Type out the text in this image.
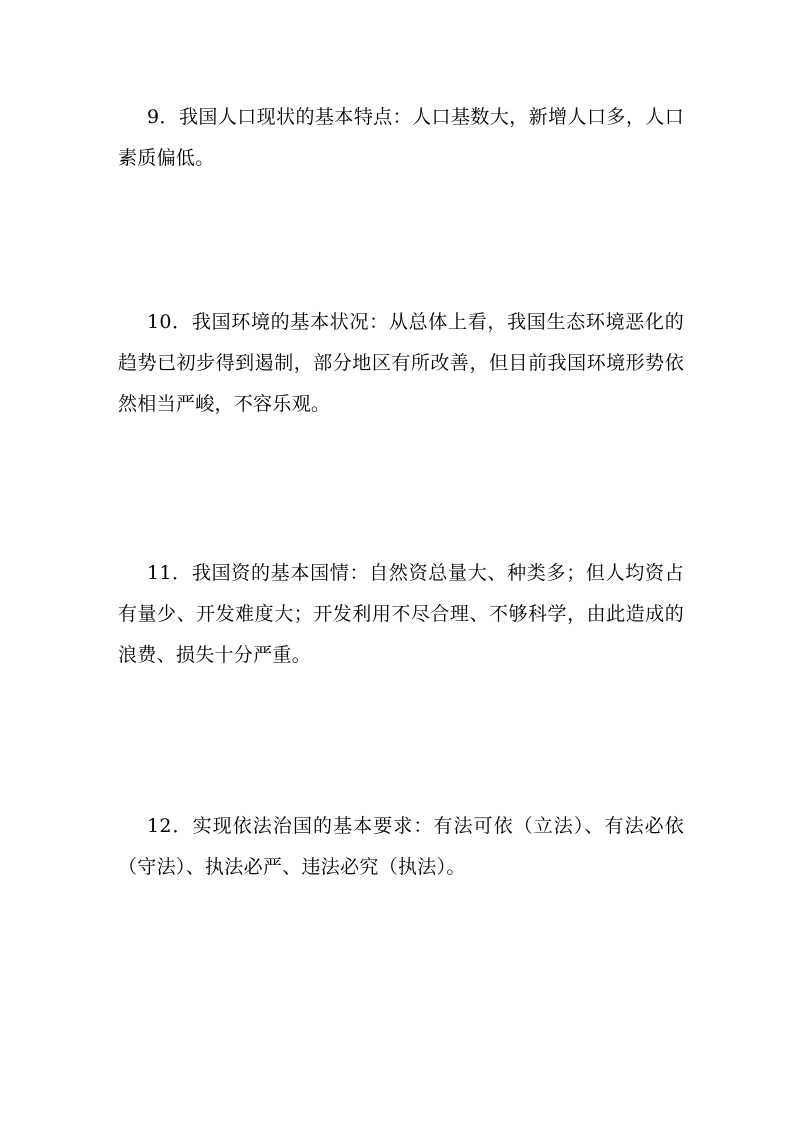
9．我国人口现状的基本特点：人口基数大，新增人口多，人口素质偏低。

10．我国环境的基本状况：从总体上看，我国生态环境恶化的趋势已初步得到遏制，部分地区有所改善，但目前我国环境形势依然相当严峻，不容乐观。

11．我国资的基本国情：自然资总量大、种类多；但人均资占有量少、开发难度大；开发利用不尽合理、不够科学，由此造成的浪费、损失十分严重。

12．实现依法治国的基本要求：有法可依（立法）、有法必依（守法）、执法必严、违法必究（执法）。
